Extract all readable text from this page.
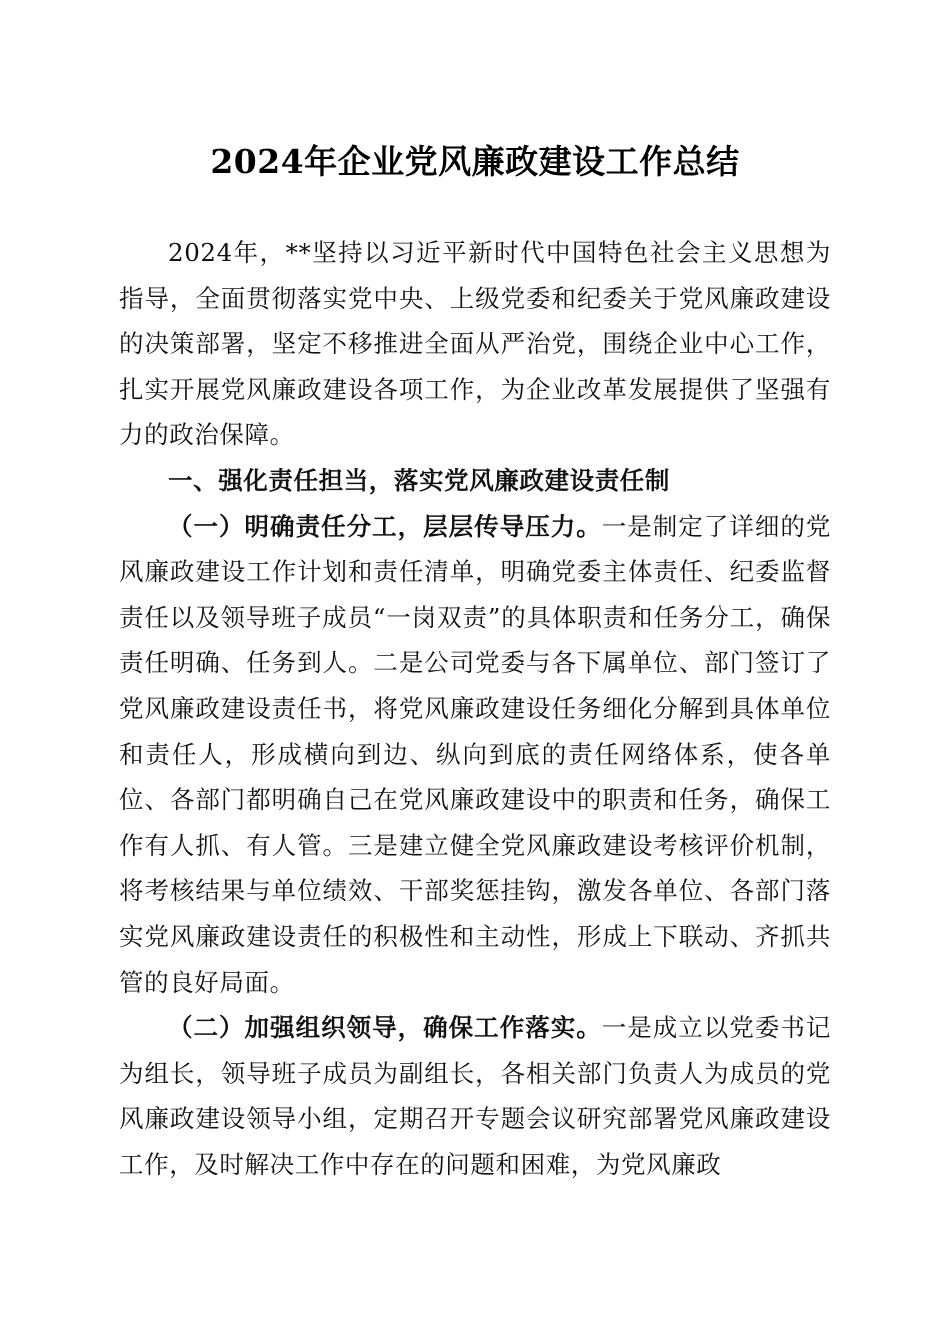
2024年企业党风廉政建设工作总结

2024年，**坚持以习近平新时代中国特色社会主义思想为指导，全面贯彻落实党中央、上级党委和纪委关于党风廉政建设的决策部署，坚定不移推进全面从严治党，围绕企业中心工作，扎实开展党风廉政建设各项工作，为企业改革发展提供了坚强有力的政治保障。

一、强化责任担当，落实党风廉政建设责任制

（一）明确责任分工，层层传导压力。一是制定了详细的党风廉政建设工作计划和责任清单，明确党委主体责任、纪委监督责任以及领导班子成员“一岗双责”的具体职责和任务分工，确保责任明确、任务到人。二是公司党委与各下属单位、部门签订了党风廉政建设责任书，将党风廉政建设任务细化分解到具体单位和责任人，形成横向到边、纵向到底的责任网络体系，使各单位、各部门都明确自己在党风廉政建设中的职责和任务，确保工作有人抓、有人管。三是建立健全党风廉政建设考核评价机制，将考核结果与单位绩效、干部奖惩挂钩，激发各单位、各部门落实党风廉政建设责任的积极性和主动性，形成上下联动、齐抓共管的良好局面。

（二）加强组织领导，确保工作落实。一是成立以党委书记为组长，领导班子成员为副组长，各相关部门负责人为成员的党风廉政建设领导小组，定期召开专题会议研究部署党风廉政建设工作，及时解决工作中存在的问题和困难，为党风廉政
